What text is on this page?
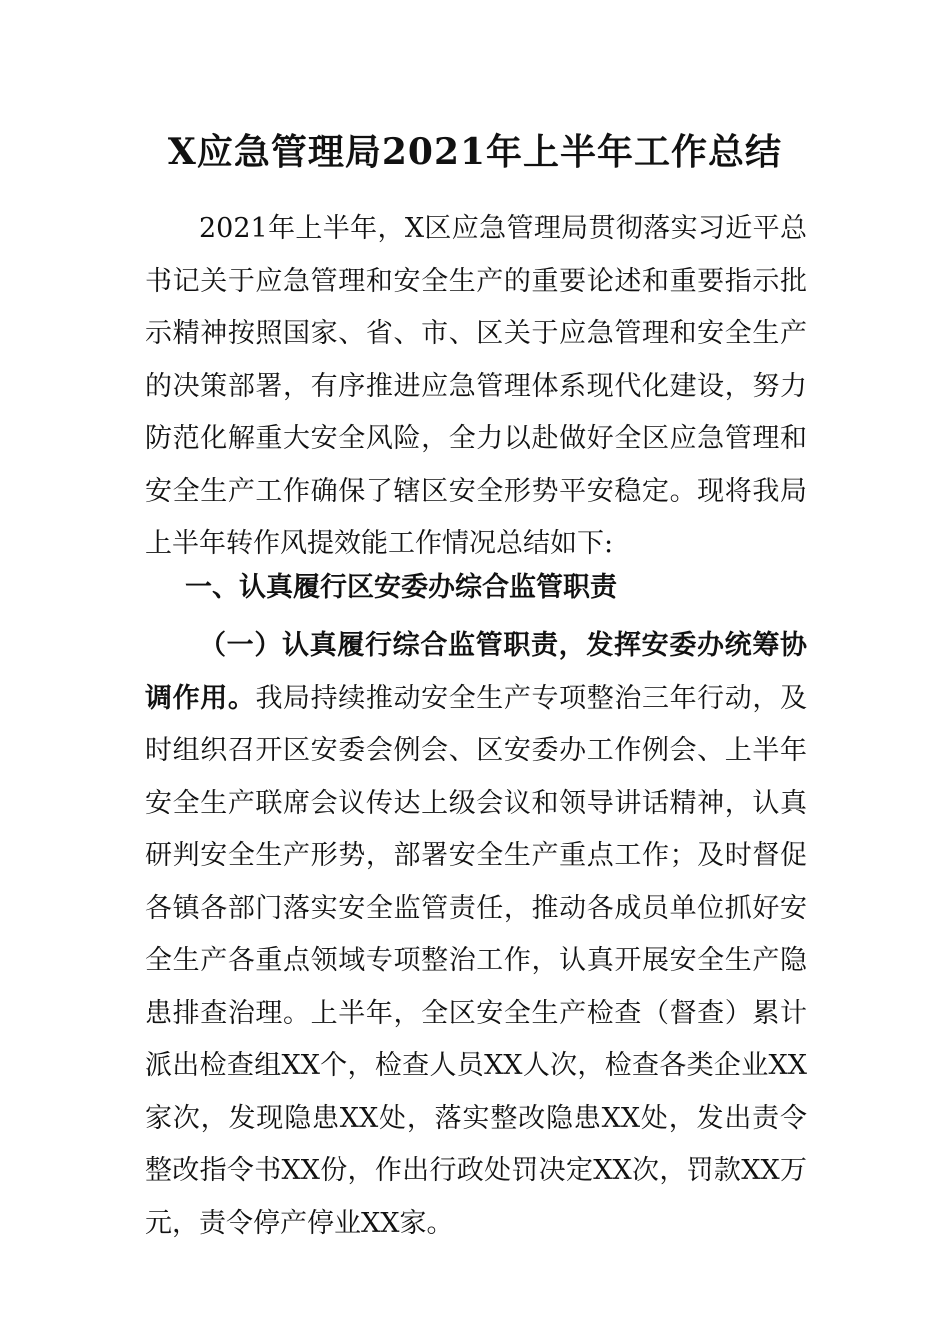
X应急管理局2021年上半年工作总结

2021年上半年，X区应急管理局贯彻落实习近平总书记关于应急管理和安全生产的重要论述和重要指示批示精神按照国家、省、市、区关于应急管理和安全生产的决策部署，有序推进应急管理体系现代化建设，努力防范化解重大安全风险，全力以赴做好全区应急管理和安全生产工作确保了辖区安全形势平安稳定。现将我局上半年转作风提效能工作情况总结如下:

一、认真履行区安委办综合监管职责

（一）认真履行综合监管职责，发挥安委办统筹协调作用。我局持续推动安全生产专项整治三年行动，及时组织召开区安委会例会、区安委办工作例会、上半年安全生产联席会议传达上级会议和领导讲话精神，认真研判安全生产形势，部署安全生产重点工作；及时督促各镇各部门落实安全监管责任，推动各成员单位抓好安全生产各重点领域专项整治工作，认真开展安全生产隐患排查治理。上半年，全区安全生产检查（督查）累计派出检查组XX个，检查人员XX人次，检查各类企业XX家次，发现隐患XX处，落实整改隐患XX处，发出责令整改指令书XX份，作出行政处罚决定XX次，罚款XX万元，责令停产停业XX家。
